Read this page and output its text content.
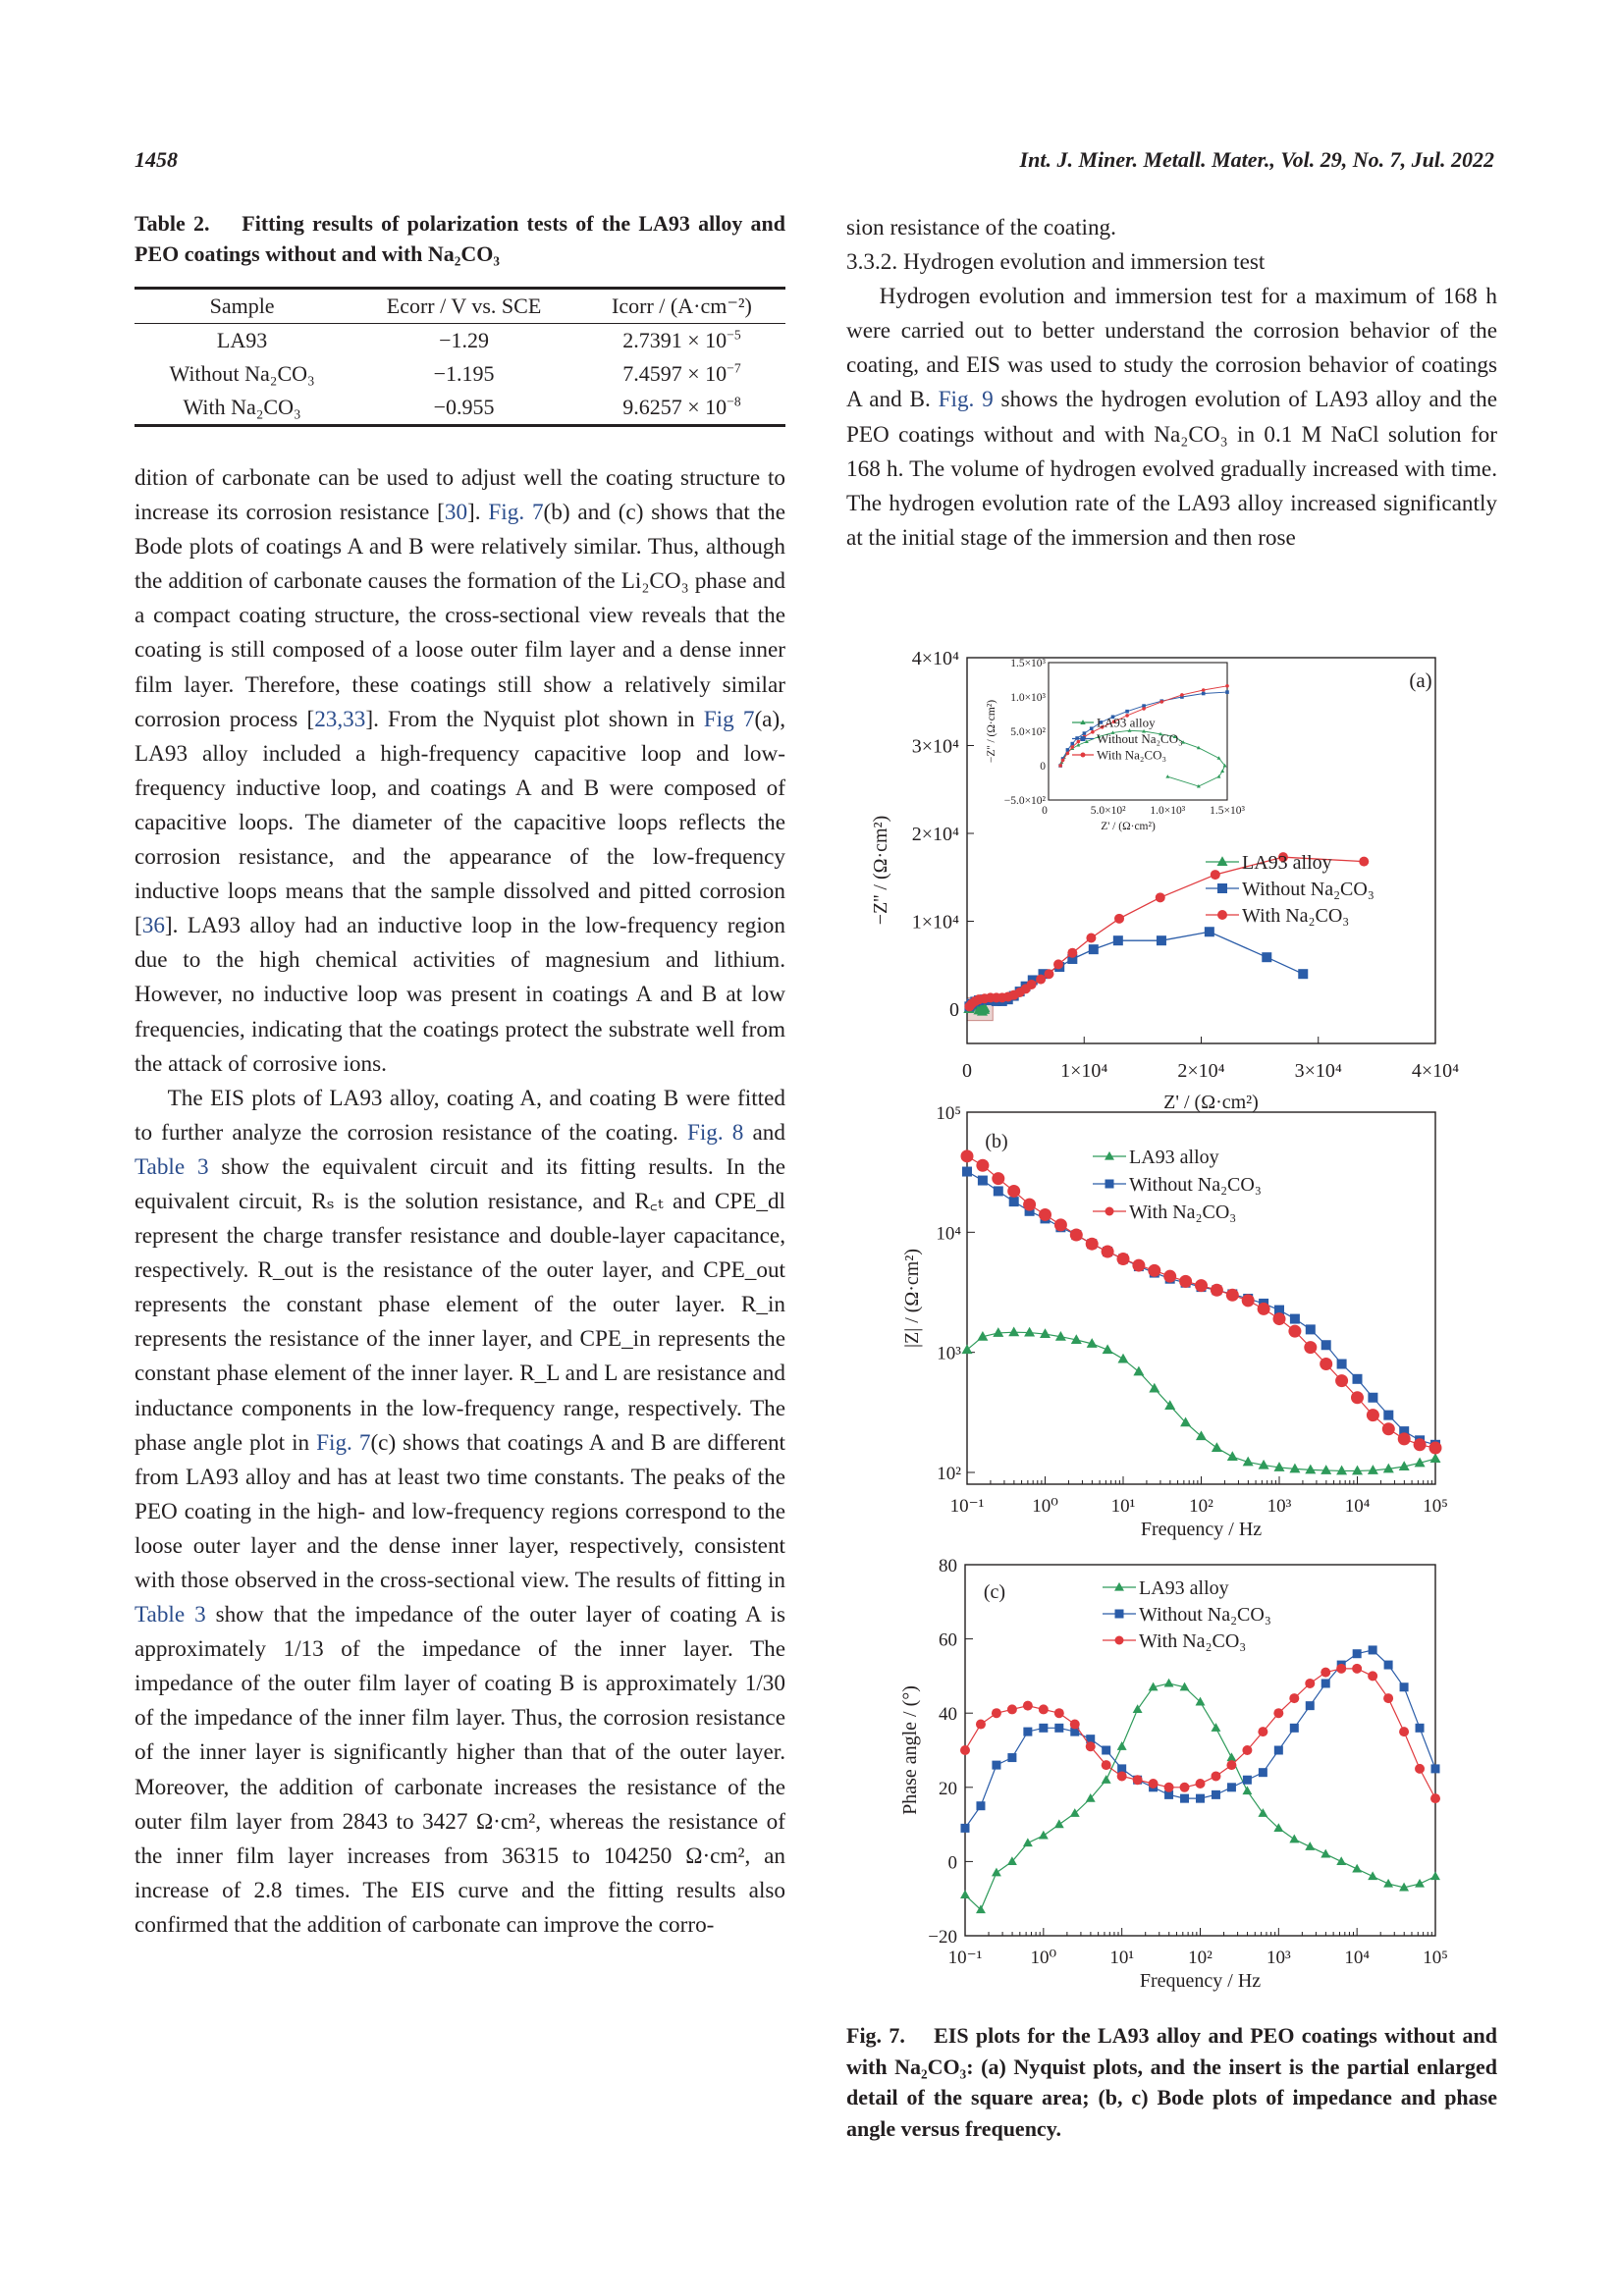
1458	Int. J. Miner. Metall. Mater., Vol. 29, No. 7, Jul. 2022
Table 2. Fitting results of polarization tests of the LA93 alloy and PEO coatings without and with Na₂CO₃
Sample	Ecorr / V vs. SCE	Icorr / (A·cm⁻²)
LA93	−1.29	$2.7391 \times 10^{-5}$
Without Na₂CO₃	−1.195	$7.4597 \times 10^{-7}$
With Na₂CO₃	−0.955	$9.6257 \times 10^{-8}$

dition of carbonate can be used to adjust well the coating structure to increase its corrosion resistance [30]. Fig. 7(b) and (c) shows that the Bode plots of coatings A and B were relatively similar. Thus, although the addition of carbonate causes the formation of the Li₂CO₃ phase and a compact coating structure, the cross-sectional view reveals that the coating is still composed of a loose outer film layer and a dense inner film layer. Therefore, these coatings still show a relatively similar corrosion process [23,33]. From the Nyquist plot shown in Fig 7(a), LA93 alloy included a high-frequency capacitive loop and low-frequency inductive loop, and coatings A and B were composed of capacitive loops. The diameter of the capacitive loops reflects the corrosion resistance, and the appearance of the low-frequency inductive loops means that the sample dissolved and pitted corrosion [36]. LA93 alloy had an inductive loop in the low-frequency region due to the high chemical activities of magnesium and lithium. However, no inductive loop was present in coatings A and B at low frequencies, indicating that the coatings protect the substrate well from the attack of corrosive ions.

The EIS plots of LA93 alloy, coating A, and coating B were fitted to further analyze the corrosion resistance of the coating. Fig. 8 and Table 3 show the equivalent circuit and its fitting results. In the equivalent circuit, Rₛ is the solution resistance, and R꜀ₜ and CPE_dl represent the charge transfer resistance and double-layer capacitance, respectively. R_out is the resistance of the outer layer, and CPE_out represents the constant phase element of the outer layer. R_in represents the resistance of the inner layer, and CPE_in represents the constant phase element of the inner layer. R_L and L are resistance and inductance components in the low-frequency range, respectively. The phase angle plot in Fig. 7(c) shows that coatings A and B are different from LA93 alloy and has at least two time constants. The peaks of the PEO coating in the high- and low-frequency regions correspond to the loose outer layer and the dense inner layer, respectively, consistent with those observed in the cross-sectional view. The results of fitting in Table 3 show that the impedance of the outer layer of coating A is approximately 1/13 of the impedance of the inner layer. The impedance of the outer film layer of coating B is approximately 1/30 of the impedance of the inner film layer. Thus, the corrosion resistance of the inner layer is significantly higher than that of the outer layer. Moreover, the addition of carbonate increases the resistance of the outer film layer from 2843 to 3427 Ω·cm², whereas the resistance of the inner film layer increases from 36315 to 104250 Ω·cm², an increase of 2.8 times. The EIS curve and the fitting results also confirmed that the addition of carbonate can improve the corro-

sion resistance of the coating.

3.3.2. Hydrogen evolution and immersion test

Hydrogen evolution and immersion test for a maximum of 168 h were carried out to better understand the corrosion behavior of the coating, and EIS was used to study the corrosion behavior of coatings A and B. Fig. 9 shows the hydrogen evolution of LA93 alloy and the PEO coatings without and with Na₂CO₃ in 0.1 M NaCl solution for 168 h. The volume of hydrogen evolved gradually increased with time. The hydrogen evolution rate of the LA93 alloy increased significantly at the initial stage of the immersion and then rose

0	1×10⁴	2×10⁴	3×10⁴	4×10⁴
0
1×10⁴
2×10⁴
3×10⁴
4×10⁴
Z' / (Ω·cm²)
−Z'' / (Ω·cm²)
(a)
LA93 alloy
Without Na₂CO₃
With Na₂CO₃
−5.0×10²
0
5.0×10²
1.0×10³
1.5×10³
0	5.0×10² 1.0×10³ 1.5×10³
Z' / (Ω·cm²)
−Z'' / (Ω·cm²)	LA93 alloy
Without Na₂CO₃
With Na₂CO₃
10⁻¹	10⁰	10¹	10²	10³	10⁴	10⁵
10²
10³
10⁴
10⁵
Frequency / Hz
|Z| / (Ω·cm²)
(b)
LA93 alloy
Without Na₂CO₃
With Na₂CO₃
10⁻¹	10⁰	10¹	10²	10³	10⁴	10⁵
−20
0
20
40
60
80
Frequency / Hz
Phase angle / (°)
(c)	LA93 alloy
Without Na₂CO₃
With Na₂CO₃
Fig. 7. EIS plots for the LA93 alloy and PEO coatings without and with Na₂CO₃: (a) Nyquist plots, and the insert is the partial enlarged detail of the square area; (b, c) Bode plots of impedance and phase angle versus frequency.
